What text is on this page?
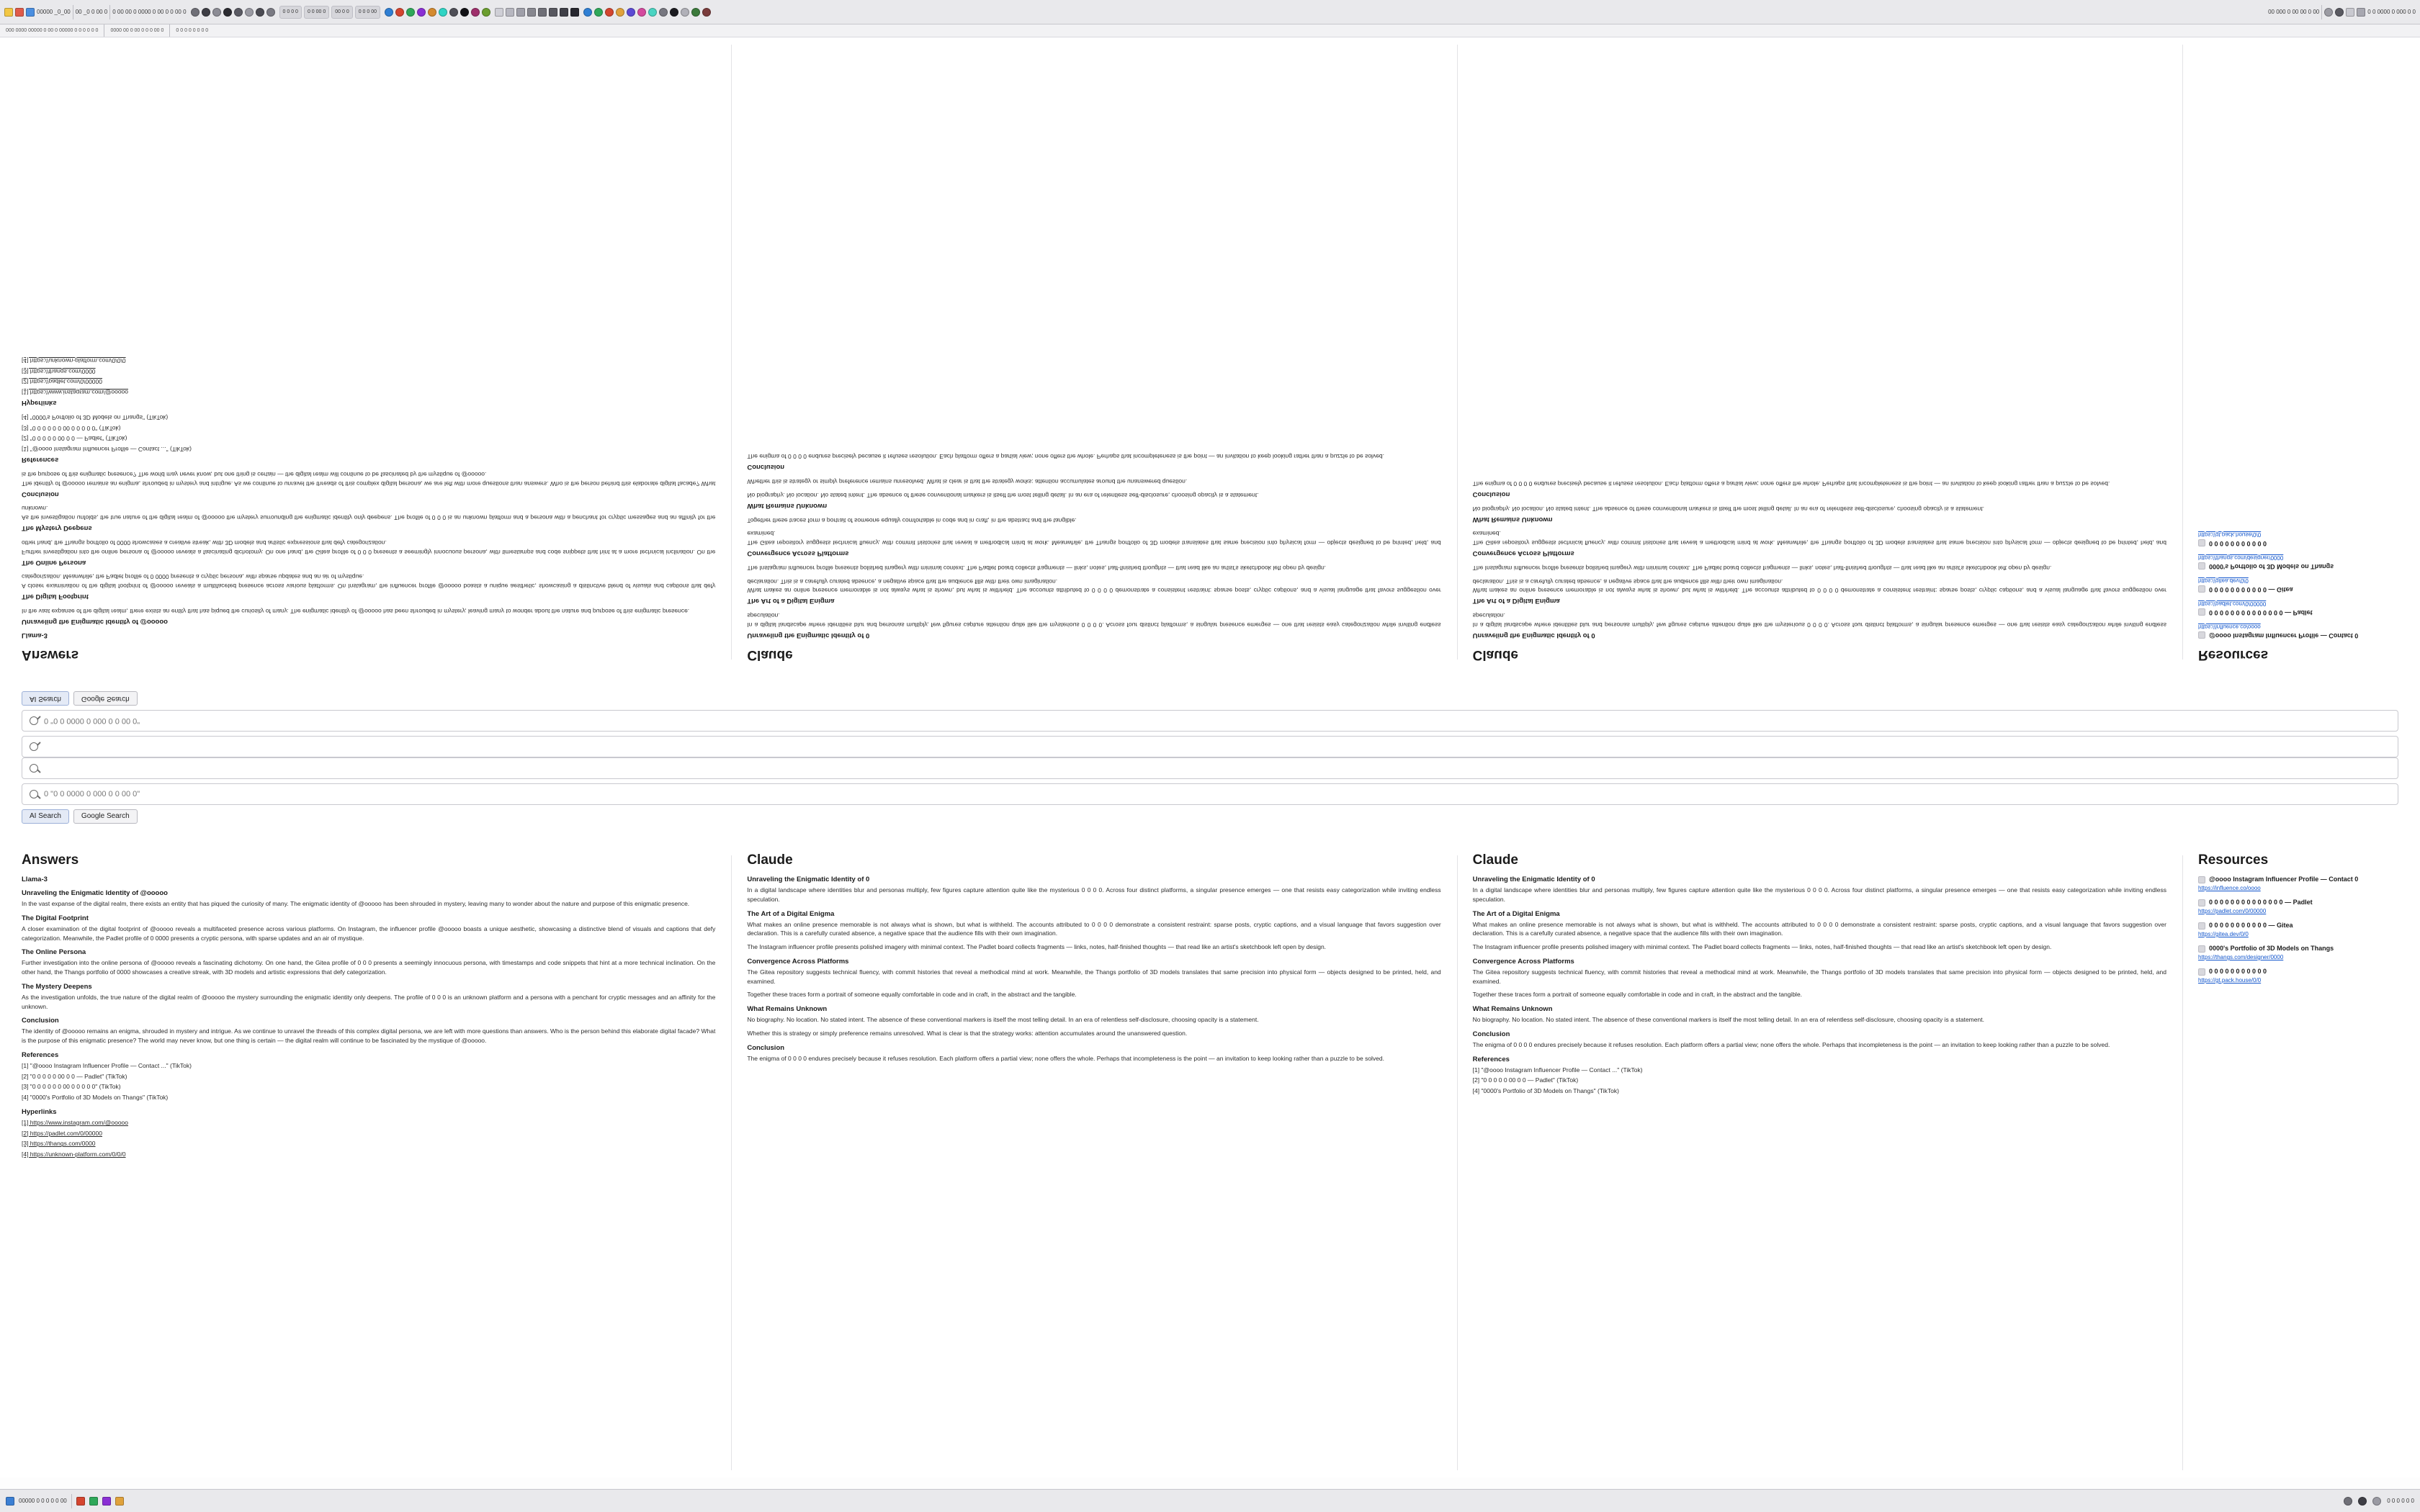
00000 _0_00 00 _0 0 00 0 0 00 00 0 0000 0 00 0 0 00 0	0 0 0 0	0 0 00 0	00 0 0	0 0 0 00	00 000 0 00 00 0 00	0 0 0000 0 000 0 0
000 0000 00000 0 00 0 00000 0 0 0 0 0 0 0000 00 0 00 0 0 0 00 0 0 0 0 0 0 0 0 0
0 "0 0 0000 0 000 0 0 00 0"
AI Search	Google Search
Answers
Llama-3
Unraveling the Enigmatic Identity of @ooooo

In the vast expanse of the digital realm, there exists an entity that has piqued the curiosity of many. The enigmatic identity of @ooooo has been shrouded in mystery, leaving many to wonder about the nature and purpose of this enigmatic presence.

The Digital Footprint

A closer examination of the digital footprint of @ooooo reveals a multifaceted presence across various platforms. On Instagram, the influencer profile @ooooo boasts a unique aesthetic, showcasing a distinctive blend of visuals and captions that defy categorization. Meanwhile, the Padlet profile of 0 0000 presents a cryptic persona, with sparse updates and an air of mystique.

The Online Persona

Further investigation into the online persona of @ooooo reveals a fascinating dichotomy. On one hand, the Gitea profile of 0 0 0 presents a seemingly innocuous persona, with timestamps and code snippets that hint at a more technical inclination. On the other hand, the Thangs portfolio of 0000 showcases a creative streak, with 3D models and artistic expressions that defy categorization.

The Mystery Deepens

As the investigation unfolds, the true nature of the digital realm of @ooooo the mystery surrounding the enigmatic identity only deepens. The profile of 0 0 0 is an unknown platform and a persona with a penchant for cryptic messages and an affinity for the unknown.

Conclusion

The identity of @ooooo remains an enigma, shrouded in mystery and intrigue. As we continue to unravel the threads of this complex digital persona, we are left with more questions than answers. Who is the person behind this elaborate digital facade? What is the purpose of this enigmatic presence? The world may never know, but one thing is certain — the digital realm will continue to be fascinated by the mystique of @ooooo.

References
[1] "@oooo Instagram Influencer Profile — Contact ..." (TikTok)
[2] "0 0 0 0 0 00 0 0 — Padlet" (TikTok)
[3] "0 0 0 0 0 0 00 0 0 0 0 0" (TikTok)
[4] "0000's Portfolio of 3D Models on Thangs" (TikTok)
Hyperlinks
[1] https://www.instagram.com/@ooooo
[2] https://padlet.com/0/00000
[3] https://thangs.com/0000
[4] https://unknown-platform.com/0/0/0
Claude
Unraveling the Enigmatic Identity of 0

In a digital landscape where identities blur and personas multiply, few figures capture attention quite like the mysterious 0 0 0 0. Across four distinct platforms, a singular presence emerges — one that resists easy categorization while inviting endless speculation.

The Art of a Digital Enigma

What makes an online presence memorable is not always what is shown, but what is withheld. The accounts attributed to 0 0 0 0 demonstrate a consistent restraint: sparse posts, cryptic captions, and a visual language that favors suggestion over declaration. This is a carefully curated absence, a negative space that the audience fills with their own imagination.

The Instagram influencer profile presents polished imagery with minimal context. The Padlet board collects fragments — links, notes, half-finished thoughts — that read like an artist's sketchbook left open by design.

Convergence Across Platforms

The Gitea repository suggests technical fluency, with commit histories that reveal a methodical mind at work. Meanwhile, the Thangs portfolio of 3D models translates that same precision into physical form — objects designed to be printed, held, and examined.

Together these traces form a portrait of someone equally comfortable in code and in craft, in the abstract and the tangible.

What Remains Unknown

No biography. No location. No stated intent. The absence of these conventional markers is itself the most telling detail. In an era of relentless self-disclosure, choosing opacity is a statement.

Whether this is strategy or simply preference remains unresolved. What is clear is that the strategy works: attention accumulates around the unanswered question.

Conclusion

The enigma of 0 0 0 0 endures precisely because it refuses resolution. Each platform offers a partial view; none offers the whole. Perhaps that incompleteness is the point — an invitation to keep looking rather than a puzzle to be solved.

Claude
Unraveling the Enigmatic Identity of 0

In a digital landscape where identities blur and personas multiply, few figures capture attention quite like the mysterious 0 0 0 0. Across four distinct platforms, a singular presence emerges — one that resists easy categorization while inviting endless speculation.

The Art of a Digital Enigma

What makes an online presence memorable is not always what is shown, but what is withheld. The accounts attributed to 0 0 0 0 demonstrate a consistent restraint: sparse posts, cryptic captions, and a visual language that favors suggestion over declaration. This is a carefully curated absence, a negative space that the audience fills with their own imagination.

The Instagram influencer profile presents polished imagery with minimal context. The Padlet board collects fragments — links, notes, half-finished thoughts — that read like an artist's sketchbook left open by design.

Convergence Across Platforms

The Gitea repository suggests technical fluency, with commit histories that reveal a methodical mind at work. Meanwhile, the Thangs portfolio of 3D models translates that same precision into physical form — objects designed to be printed, held, and examined.

What Remains Unknown

No biography. No location. No stated intent. The absence of these conventional markers is itself the most telling detail. In an era of relentless self-disclosure, choosing opacity is a statement.

Conclusion

The enigma of 0 0 0 0 endures precisely because it refuses resolution. Each platform offers a partial view; none offers the whole. Perhaps that incompleteness is the point — an invitation to keep looking rather than a puzzle to be solved.

Resources
@oooo Instagram Influencer Profile — Contact 0
https://influence.co/oooo
0 0 0 0 0 0 0 0 0 0 0 0 0 0 — Padlet
https://padlet.com/0/00000
0 0 0 0 0 0 0 0 0 0 0 — Gitea
https://gitea.dev/0/0
0000's Portfolio of 3D Models on Thangs
https://thangs.com/designer/0000
0 0 0 0 0 0 0 0 0 0 0
https://gt.pack.house/0/0
0 "0 0 0000 0 000 0 0 00 0"
AI Search	Google Search
Answers
Llama-3
Unraveling the Enigmatic Identity of @ooooo

In the vast expanse of the digital realm, there exists an entity that has piqued the curiosity of many. The enigmatic identity of @ooooo has been shrouded in mystery, leaving many to wonder about the nature and purpose of this enigmatic presence.

The Digital Footprint

A closer examination of the digital footprint of @ooooo reveals a multifaceted presence across various platforms. On Instagram, the influencer profile @ooooo boasts a unique aesthetic, showcasing a distinctive blend of visuals and captions that defy categorization. Meanwhile, the Padlet profile of 0 0000 presents a cryptic persona, with sparse updates and an air of mystique.

The Online Persona

Further investigation into the online persona of @ooooo reveals a fascinating dichotomy. On one hand, the Gitea profile of 0 0 0 presents a seemingly innocuous persona, with timestamps and code snippets that hint at a more technical inclination. On the other hand, the Thangs portfolio of 0000 showcases a creative streak, with 3D models and artistic expressions that defy categorization.

The Mystery Deepens

As the investigation unfolds, the true nature of the digital realm of @ooooo the mystery surrounding the enigmatic identity only deepens. The profile of 0 0 0 is an unknown platform and a persona with a penchant for cryptic messages and an affinity for the unknown.

Conclusion

The identity of @ooooo remains an enigma, shrouded in mystery and intrigue. As we continue to unravel the threads of this complex digital persona, we are left with more questions than answers. Who is the person behind this elaborate digital facade? What is the purpose of this enigmatic presence? The world may never know, but one thing is certain — the digital realm will continue to be fascinated by the mystique of @ooooo.

References
[1] "@oooo Instagram Influencer Profile — Contact ..." (TikTok)
[2] "0 0 0 0 0 00 0 0 — Padlet" (TikTok)
[3] "0 0 0 0 0 0 00 0 0 0 0 0" (TikTok)
[4] "0000's Portfolio of 3D Models on Thangs" (TikTok)
Hyperlinks
[1] https://www.instagram.com/@ooooo
[2] https://padlet.com/0/00000
[3] https://thangs.com/0000
[4] https://unknown-platform.com/0/0/0
Claude
Unraveling the Enigmatic Identity of 0

In a digital landscape where identities blur and personas multiply, few figures capture attention quite like the mysterious 0 0 0 0. Across four distinct platforms, a singular presence emerges — one that resists easy categorization while inviting endless speculation.

The Art of a Digital Enigma

What makes an online presence memorable is not always what is shown, but what is withheld. The accounts attributed to 0 0 0 0 demonstrate a consistent restraint: sparse posts, cryptic captions, and a visual language that favors suggestion over declaration. This is a carefully curated absence, a negative space that the audience fills with their own imagination.

The Instagram influencer profile presents polished imagery with minimal context. The Padlet board collects fragments — links, notes, half-finished thoughts — that read like an artist's sketchbook left open by design.

Convergence Across Platforms

The Gitea repository suggests technical fluency, with commit histories that reveal a methodical mind at work. Meanwhile, the Thangs portfolio of 3D models translates that same precision into physical form — objects designed to be printed, held, and examined.

Together these traces form a portrait of someone equally comfortable in code and in craft, in the abstract and the tangible.

What Remains Unknown

No biography. No location. No stated intent. The absence of these conventional markers is itself the most telling detail. In an era of relentless self-disclosure, choosing opacity is a statement.

Whether this is strategy or simply preference remains unresolved. What is clear is that the strategy works: attention accumulates around the unanswered question.

Conclusion

The enigma of 0 0 0 0 endures precisely because it refuses resolution. Each platform offers a partial view; none offers the whole. Perhaps that incompleteness is the point — an invitation to keep looking rather than a puzzle to be solved.

Claude
Unraveling the Enigmatic Identity of 0

In a digital landscape where identities blur and personas multiply, few figures capture attention quite like the mysterious 0 0 0 0. Across four distinct platforms, a singular presence emerges — one that resists easy categorization while inviting endless speculation.

The Art of a Digital Enigma

What makes an online presence memorable is not always what is shown, but what is withheld. The accounts attributed to 0 0 0 0 demonstrate a consistent restraint: sparse posts, cryptic captions, and a visual language that favors suggestion over declaration. This is a carefully curated absence, a negative space that the audience fills with their own imagination.

The Instagram influencer profile presents polished imagery with minimal context. The Padlet board collects fragments — links, notes, half-finished thoughts — that read like an artist's sketchbook left open by design.

Convergence Across Platforms

The Gitea repository suggests technical fluency, with commit histories that reveal a methodical mind at work. Meanwhile, the Thangs portfolio of 3D models translates that same precision into physical form — objects designed to be printed, held, and examined.

Together these traces form a portrait of someone equally comfortable in code and in craft, in the abstract and the tangible.

What Remains Unknown

No biography. No location. No stated intent. The absence of these conventional markers is itself the most telling detail. In an era of relentless self-disclosure, choosing opacity is a statement.

Conclusion

The enigma of 0 0 0 0 endures precisely because it refuses resolution. Each platform offers a partial view; none offers the whole. Perhaps that incompleteness is the point — an invitation to keep looking rather than a puzzle to be solved.

References
[1] "@oooo Instagram Influencer Profile — Contact ..." (TikTok)
[2] "0 0 0 0 0 00 0 0 — Padlet" (TikTok)
[4] "0000's Portfolio of 3D Models on Thangs" (TikTok)
Resources
@oooo Instagram Influencer Profile — Contact 0
https://influence.co/oooo
0 0 0 0 0 0 0 0 0 0 0 0 0 0 — Padlet
https://padlet.com/0/00000
0 0 0 0 0 0 0 0 0 0 0 — Gitea
https://gitea.dev/0/0
0000's Portfolio of 3D Models on Thangs
https://thangs.com/designer/0000
0 0 0 0 0 0 0 0 0 0 0
https://gt.pack.house/0/0
00000 0 0 0 0 0 00	0 0 0 0 0 0
